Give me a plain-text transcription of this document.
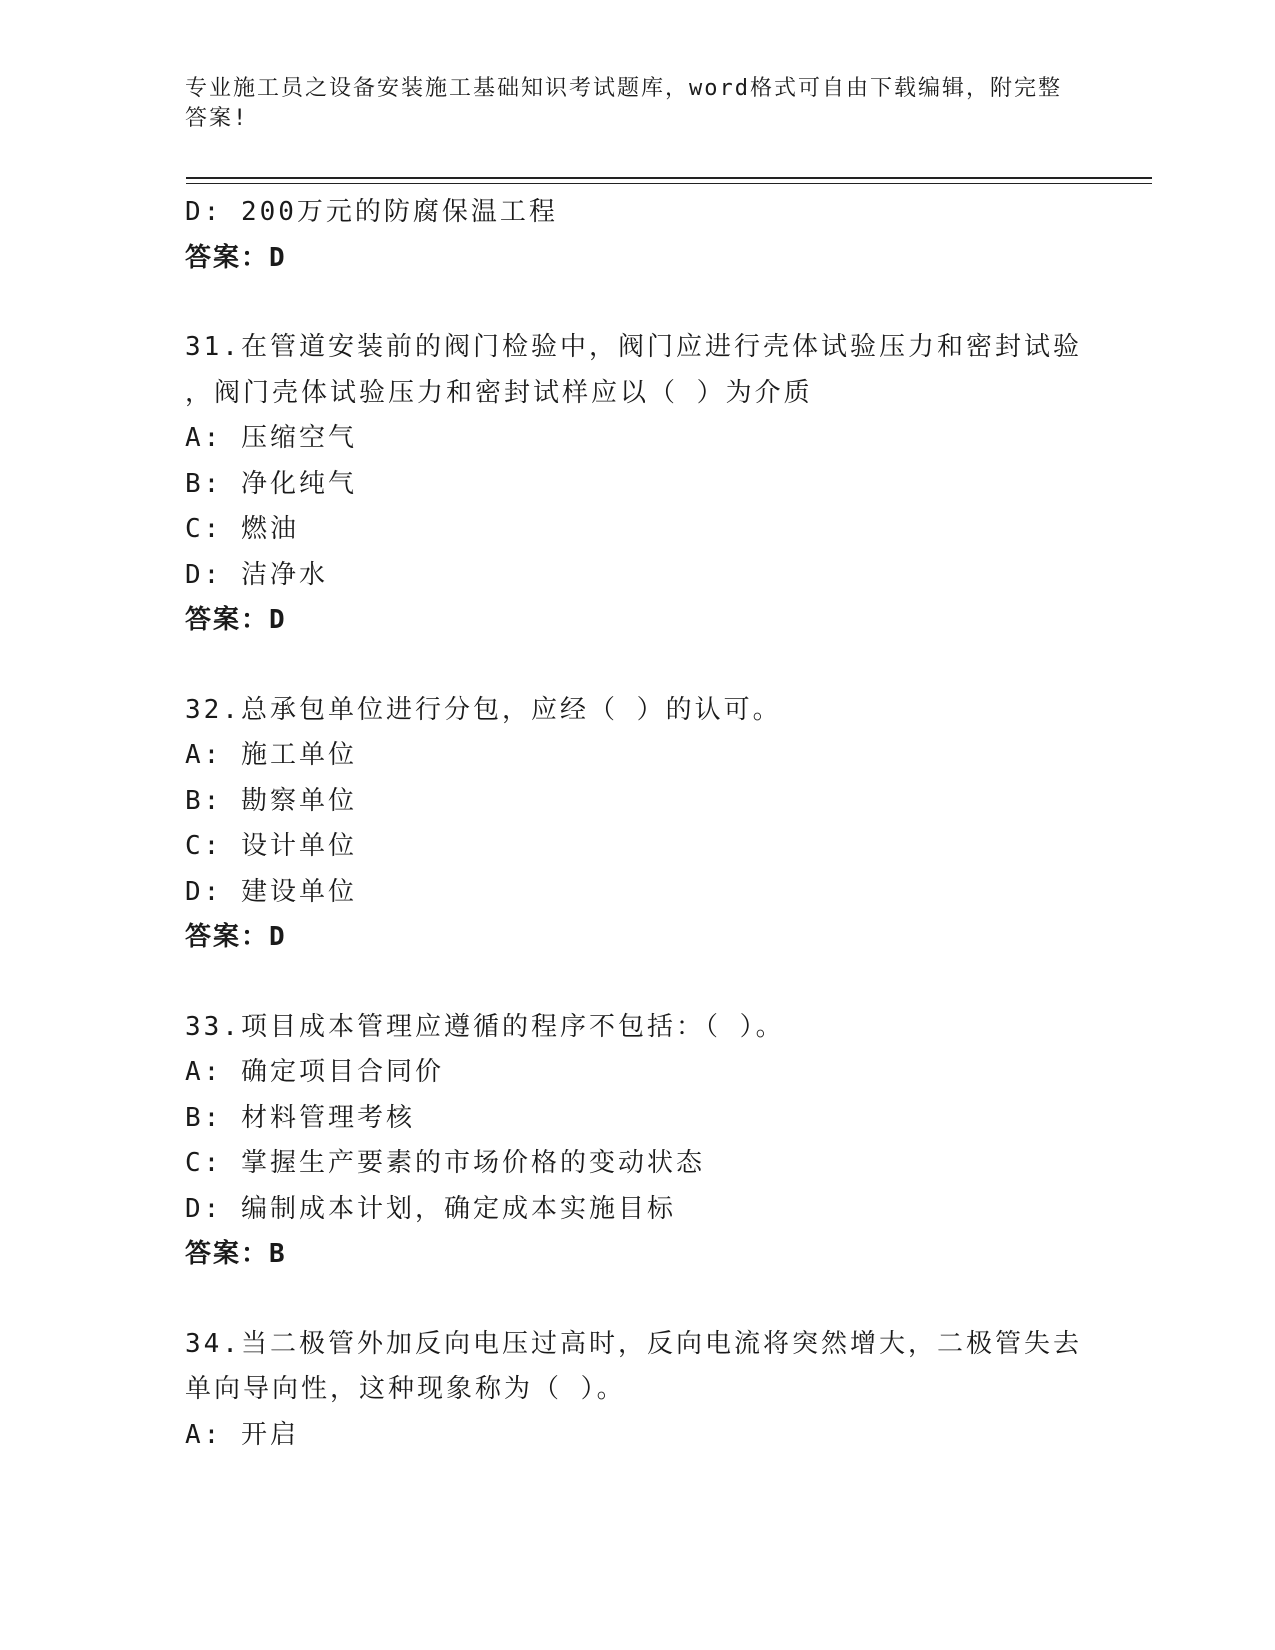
专业施工员之设备安装施工基础知识考试题库，word格式可自由下载编辑，附完整答案!

D: 200万元的防腐保温工程

答案：D

31.在管道安装前的阀门检验中，阀门应进行壳体试验压力和密封试验

，阀门壳体试验压力和密封试样应以（ ）为介质

A: 压缩空气

B: 净化纯气

C: 燃油

D: 洁净水

答案：D

32.总承包单位进行分包，应经（ ）的认可。

A: 施工单位

B: 勘察单位

C: 设计单位

D: 建设单位

答案：D

33.项目成本管理应遵循的程序不包括：（ ）。

A: 确定项目合同价

B: 材料管理考核

C: 掌握生产要素的市场价格的变动状态

D: 编制成本计划，确定成本实施目标

答案：B

34.当二极管外加反向电压过高时，反向电流将突然增大，二极管失去

单向导向性，这种现象称为（ ）。

A: 开启
